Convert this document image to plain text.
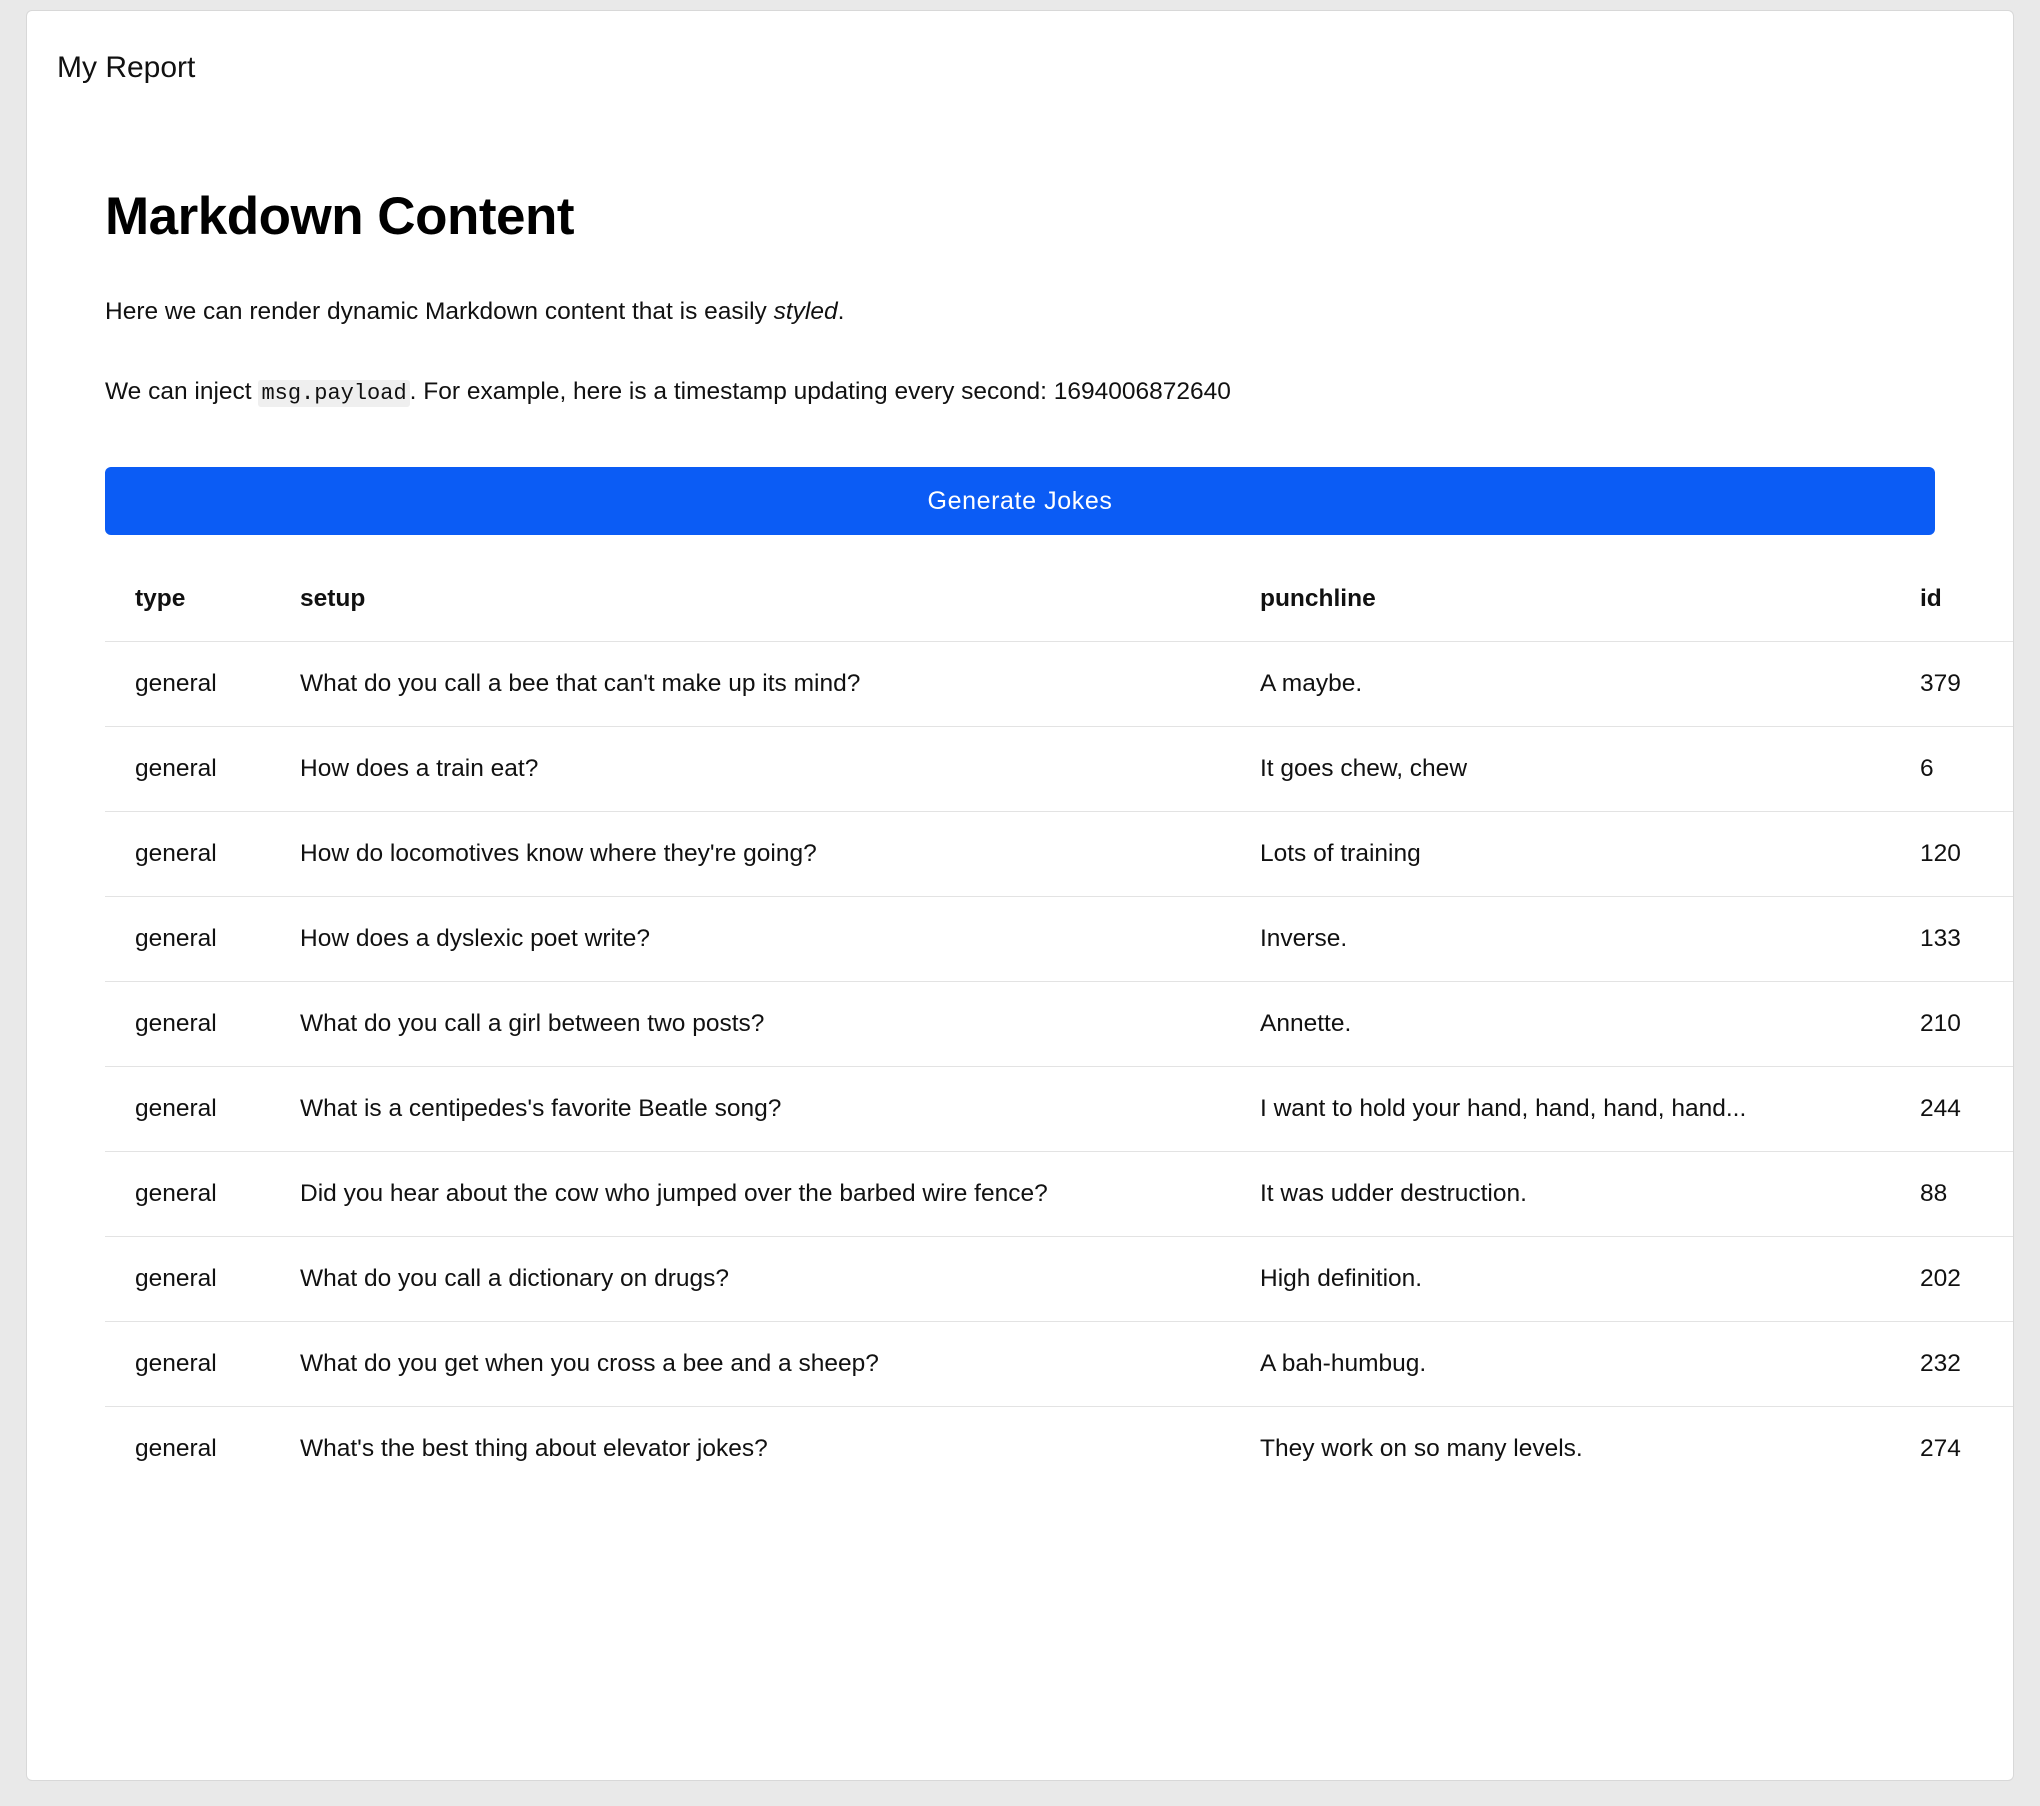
My Report
Markdown Content

Here we can render dynamic Markdown content that is easily styled.

We can inject msg.payload . For example, here is a timestamp updating every second: 1694006872640

Generate Jokes
type	setup	punchline	id
general	What do you call a bee that can't make up its mind?	A maybe.	379
general	How does a train eat?	It goes chew, chew	6
general	How do locomotives know where they're going?	Lots of training	120
general	How does a dyslexic poet write?	Inverse.	133
general	What do you call a girl between two posts?	Annette.	210
general	What is a centipedes's favorite Beatle song?	I want to hold your hand, hand, hand, hand...	244
general	Did you hear about the cow who jumped over the barbed wire fence?	It was udder destruction.	88
general	What do you call a dictionary on drugs?	High definition.	202
general	What do you get when you cross a bee and a sheep?	A bah-humbug.	232
general	What's the best thing about elevator jokes?	They work on so many levels.	274
